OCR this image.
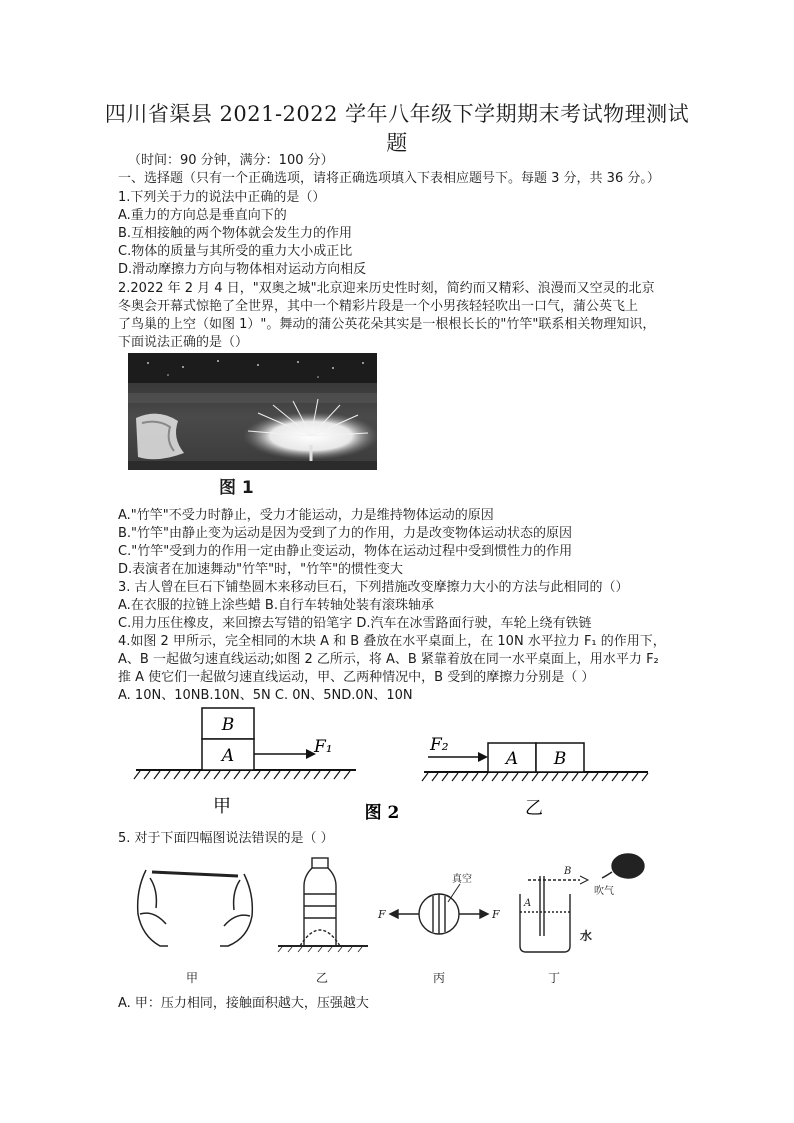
四川省渠县 2021-2022 学年八年级下学期期末考试物理测试
题
（时间：90 分钟，满分：100 分）
一、选择题（只有一个正确选项，请将正确选项填入下表相应题号下。每题 3 分，共 36 分。）
1.下列关于力的说法中正确的是（）
A.重力的方向总是垂直向下的
B.互相接触的两个物体就会发生力的作用
C.物体的质量与其所受的重力大小成正比
D.滑动摩擦力方向与物体相对运动方向相反
2.2022 年 2 月 4 日，"双奥之城"北京迎来历史性时刻，简约而又精彩、浪漫而又空灵的北京
冬奥会开幕式惊艳了全世界，其中一个精彩片段是一个小男孩轻轻吹出一口气，蒲公英飞上
了鸟巢的上空（如图 1）"。舞动的蒲公英花朵其实是一根根长长的"竹竿"联系相关物理知识，
下面说法正确的是（）
图 1
A."竹竿"不受力时静止，受力才能运动，力是维持物体运动的原因
B."竹竿"由静止变为运动是因为受到了力的作用，力是改变物体运动状态的原因
C."竹竿"受到力的作用一定由静止变运动，物体在运动过程中受到惯性力的作用
D.表演者在加速舞动"竹竿"时，"竹竿"的惯性变大
3. 古人曾在巨石下铺垫圆木来移动巨石，下列措施改变摩擦力大小的方法与此相同的（）
A.在衣服的拉链上涂些蜡 B.自行车转轴处装有滚珠轴承
C.用力压住橡皮，来回擦去写错的铅笔字 D.汽车在冰雪路面行驶，车轮上绕有铁链
4.如图 2 甲所示，完全相同的木块 A 和 B 叠放在水平桌面上，在 10N 水平拉力 F₁ 的作用下，
A、B 一起做匀速直线运动;如图 2 乙所示，将 A、B 紧靠着放在同一水平桌面上，用水平力 F₂
推 A 使它们一起做匀速直线运动，甲、乙两种情况中，B 受到的摩擦力分别是（ ）
A. 10N、10NB.10N、5N C. 0N、5ND.0N、10N
B
A	F₁
甲	图 2
A B
F₂
乙
5. 对于下面四幅图说法错误的是（ ）
甲	乙
F	F
真空
丙
B
A
吹气
水
丁
A. 甲：压力相同，接触面积越大，压强越大
